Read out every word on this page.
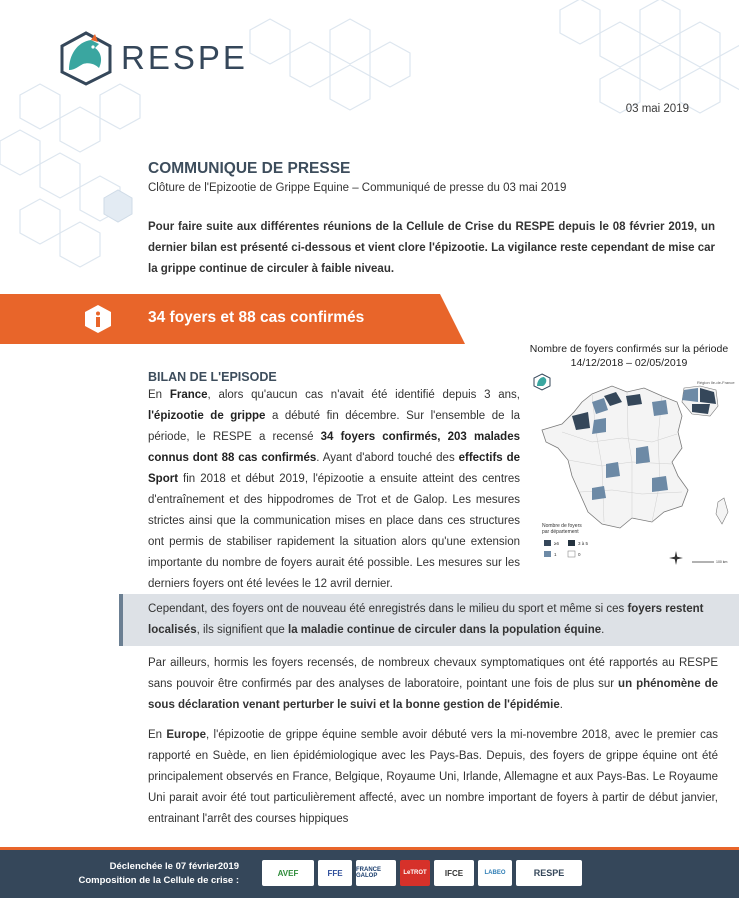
RESPE
03 mai 2019
COMMUNIQUE DE PRESSE
Clôture de l'Epizootie de Grippe Equine – Communiqué de presse du 03 mai 2019
Pour faire suite aux différentes réunions de la Cellule de Crise du RESPE depuis le 08 février 2019, un dernier bilan est présenté ci-dessous et vient clore l'épizootie. La vigilance reste cependant de mise car la grippe continue de circuler à faible niveau.
34 foyers et 88 cas confirmés
Nombre de foyers confirmés sur la période
14/12/2018 – 02/05/2019
Région Ile-de-France
Nombre de foyers
par département
≥6	3 à 5
1	0
100 km
BILAN DE L'EPISODE
En France, alors qu'aucun cas n'avait été identifié depuis 3 ans, l'épizootie de grippe a débuté fin décembre. Sur l'ensemble de la période, le RESPE a recensé 34 foyers confirmés, 203 malades connus dont 88 cas confirmés. Ayant d'abord touché des effectifs de Sport fin 2018 et début 2019, l'épizootie a ensuite atteint des centres d'entraînement et des hippodromes de Trot et de Galop. Les mesures strictes ainsi que la communication mises en place dans ces structures ont permis de stabiliser rapidement la situation alors qu'une extension importante du nombre de foyers aurait été possible. Les mesures sur les derniers foyers ont été levées le 12 avril dernier.
Cependant, des foyers ont de nouveau été enregistrés dans le milieu du sport et même si ces foyers restent localisés, ils signifient que la maladie continue de circuler dans la population équine.
Par ailleurs, hormis les foyers recensés, de nombreux chevaux symptomatiques ont été rapportés au RESPE sans pouvoir être confirmés par des analyses de laboratoire, pointant une fois de plus sur un phénomène de sous déclaration venant perturber le suivi et la bonne gestion de l'épidémie.
En Europe, l'épizootie de grippe équine semble avoir débuté vers la mi-novembre 2018, avec le premier cas rapporté en Suède, en lien épidémiologique avec les Pays-Bas. Depuis, des foyers de grippe équine ont été principalement observés en France, Belgique, Royaume Uni, Irlande, Allemagne et aux Pays-Bas. Le Royaume Uni parait avoir été tout particulièrement affecté, avec un nombre important de foyers à partir de début janvier, entrainant l'arrêt des courses hippiques
Déclenchée le 07 février2019
Composition de la Cellule de crise :
AVEF	FFE	FRANCE GALOP	LeTROT	IFCE	LABEO	RESPE
